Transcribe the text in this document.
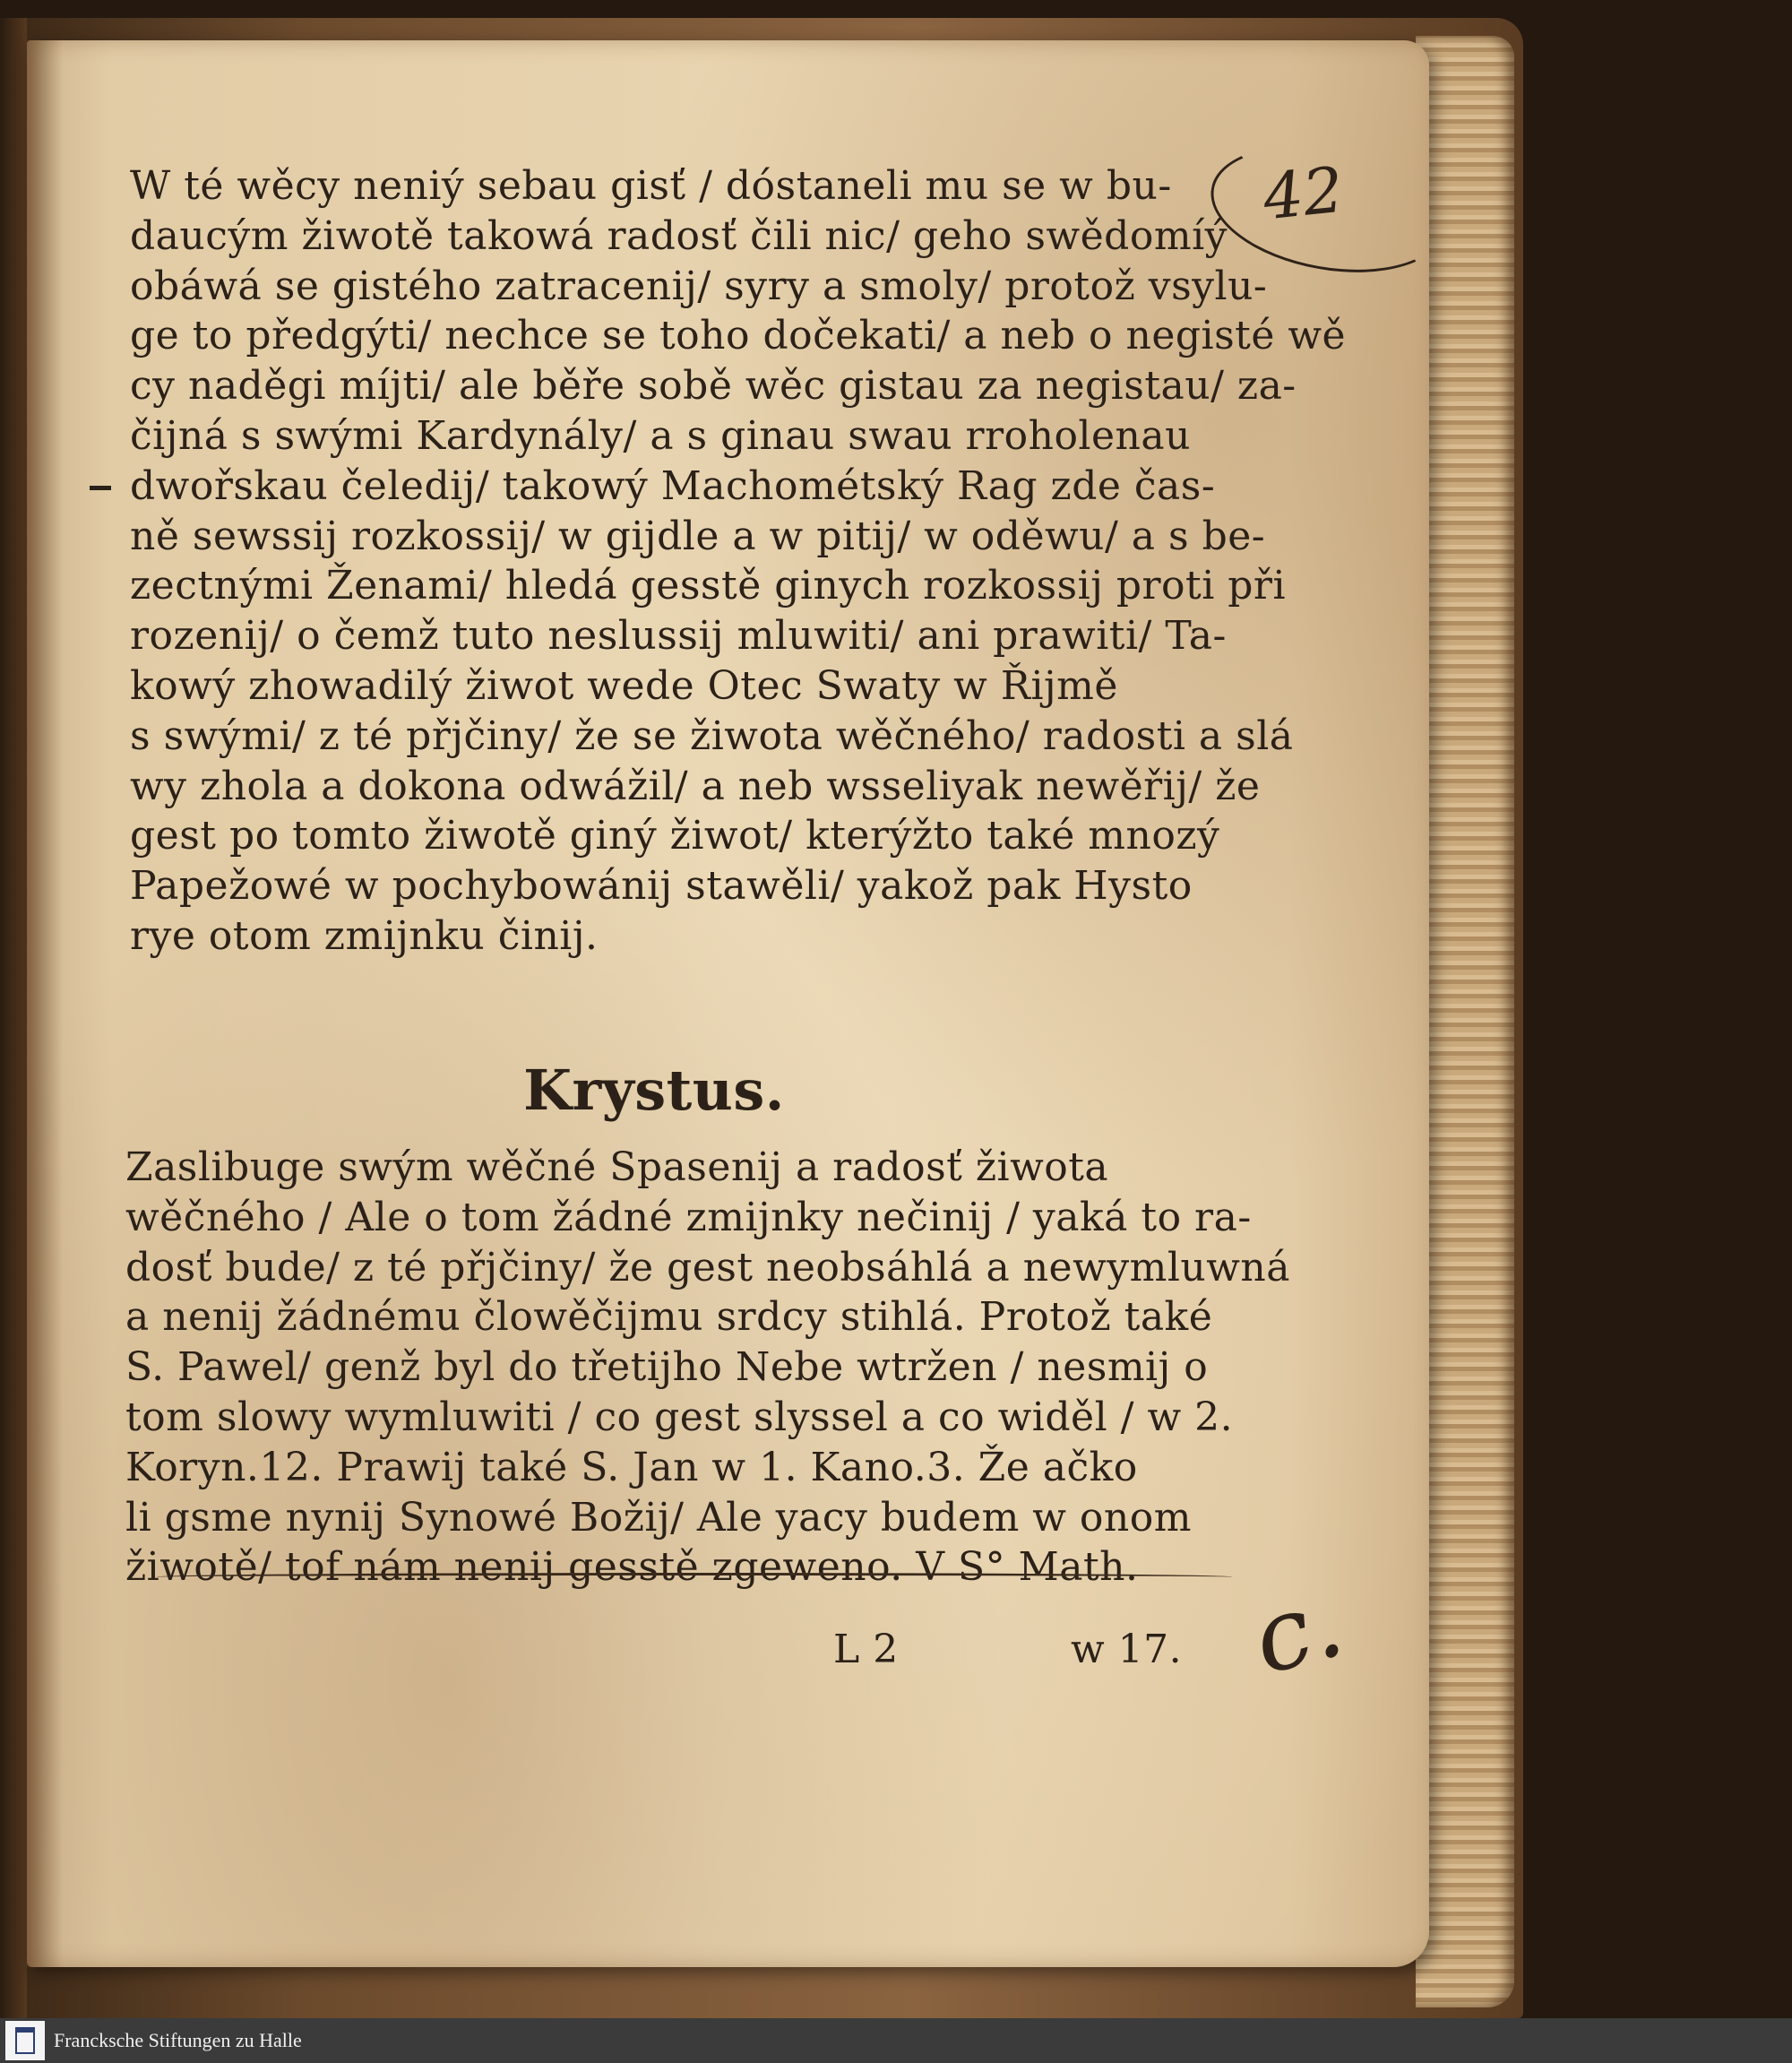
42
W té wěcy neniý sebau gisť / dóstaneli mu se w bu-
daucým žiwotě takowá radosť čili nic/ geho swědomíý
obáwá se gistého zatracenij/ syry a smoly/ protož vsylu-
ge to předgýti/ nechce se toho dočekati/ a neb o negisté wě
cy naděgi míjti/ ale běře sobě wěc gistau za negistau/ za-
čijná s swými Kardynály/ a s ginau swau rroholenau
dwořskau čeledij/ takowý Machométský Rag zde čas-
ně sewssij rozkossij/ w gijdle a w pitij/ w oděwu/ a s be-
zectnými Ženami/ hledá gesstě ginych rozkossij proti při
rozenij/ o čemž tuto neslussij mluwiti/ ani prawiti/ Ta-
kowý zhowadilý žiwot wede Otec Swaty w Řijmě
s swými/ z té přjčiny/ že se žiwota wěčného/ radosti a slá
wy zhola a dokona odwážil/ a neb wsseliyak newěřij/ že
gest po tomto žiwotě giný žiwot/ kterýžto také mnozý
Papežowé w pochybowánij stawěli/ yakož pak Hysto
rye otom zmijnku činij.
Krystus.
Zaslibuge swým wěčné Spasenij a radosť žiwota
wěčného / Ale o tom žádné zmijnky nečinij / yaká to ra-
dosť bude/ z té přjčiny/ že gest neobsáhlá a newymluwná
a nenij žádnému člowěčijmu srdcy stihlá. Protož také
S. Pawel/ genž byl do třetijho Nebe wtržen / nesmij o
tom slowy wymluwiti / co gest slyssel a co widěl / w 2.
Koryn.12. Prawij také S. Jan w 1. Kano.3. Že ačko
li gsme nynij Synowé Božij/ Ale yacy budem w onom
žiwotě/ tof nám nenij gesstě zgeweno. V S° Math.
L 2	w 17. c.
Francksche Stiftungen zu Halle
